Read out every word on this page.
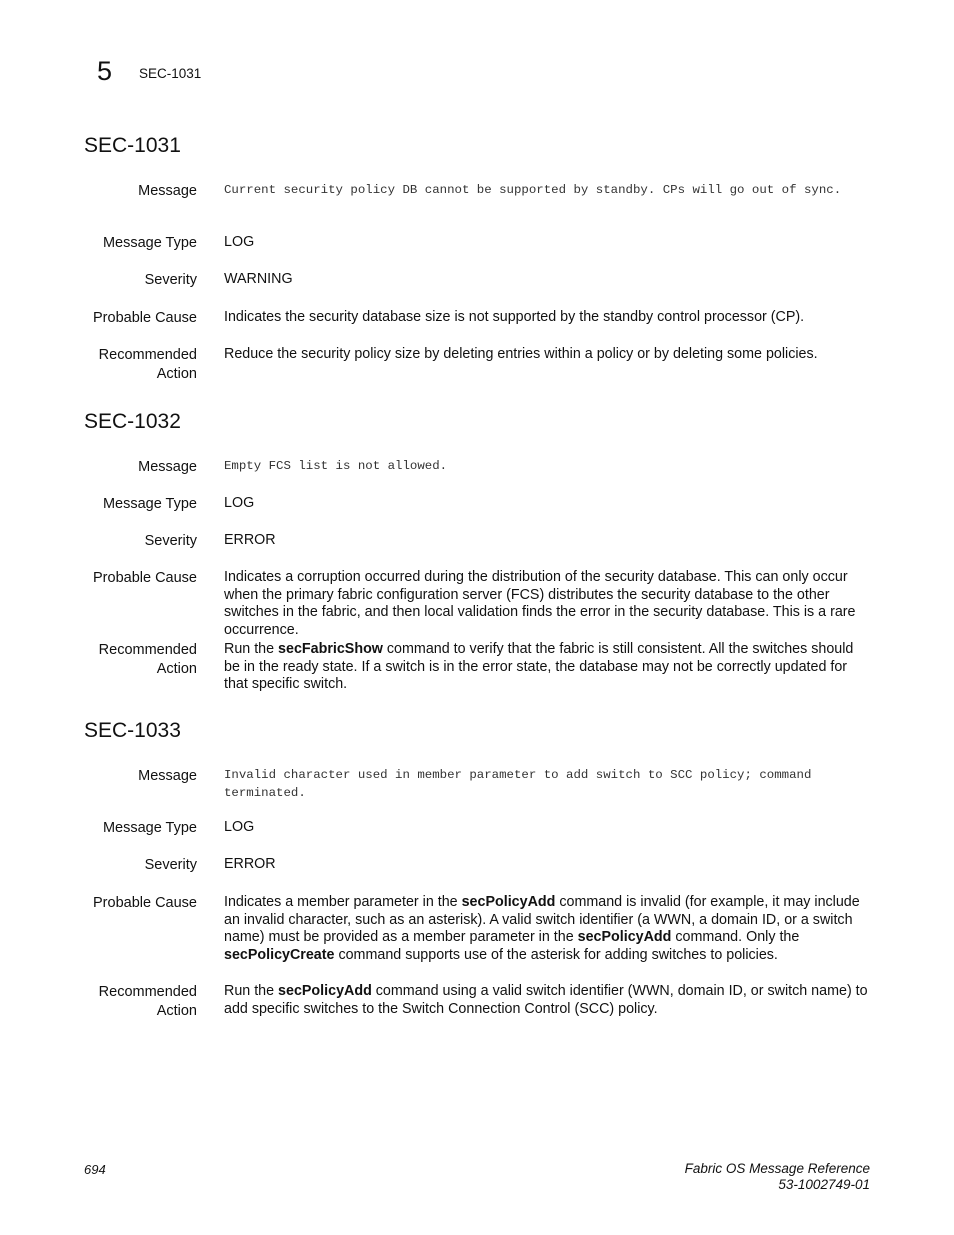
5 SEC-1031
SEC-1031
Message Current security policy DB cannot be supported by standby. CPs will go out of sync.
Message Type LOG
Severity WARNING
Probable Cause Indicates the security database size is not supported by the standby control processor (CP).
Recommended
Action
Reduce the security policy size by deleting entries within a policy or by deleting some policies.
SEC-1032
Message Empty FCS list is not allowed.
Message Type LOG
Severity ERROR
Probable Cause Indicates a corruption occurred during the distribution of the security database. This can only occur when the primary fabric configuration server (FCS) distributes the security database to the other switches in the fabric, and then local validation finds the error in the security database. This is a rare occurrence.
Recommended
Action
Run the secFabricShow command to verify that the fabric is still consistent. All the switches should be in the ready state. If a switch is in the error state, the database may not be correctly updated for that specific switch.
SEC-1033
Message Invalid character used in member parameter to add switch to SCC policy; command terminated.
Message Type LOG
Severity ERROR
Probable Cause Indicates a member parameter in the secPolicyAdd command is invalid (for example, it may include an invalid character, such as an asterisk). A valid switch identifier (a WWN, a domain ID, or a switch name) must be provided as a member parameter in the secPolicyAdd command. Only the secPolicyCreate command supports use of the asterisk for adding switches to policies.
Recommended
Action
Run the secPolicyAdd command using a valid switch identifier (WWN, domain ID, or switch name) to add specific switches to the Switch Connection Control (SCC) policy.
694	Fabric OS Message Reference
53-1002749-01
